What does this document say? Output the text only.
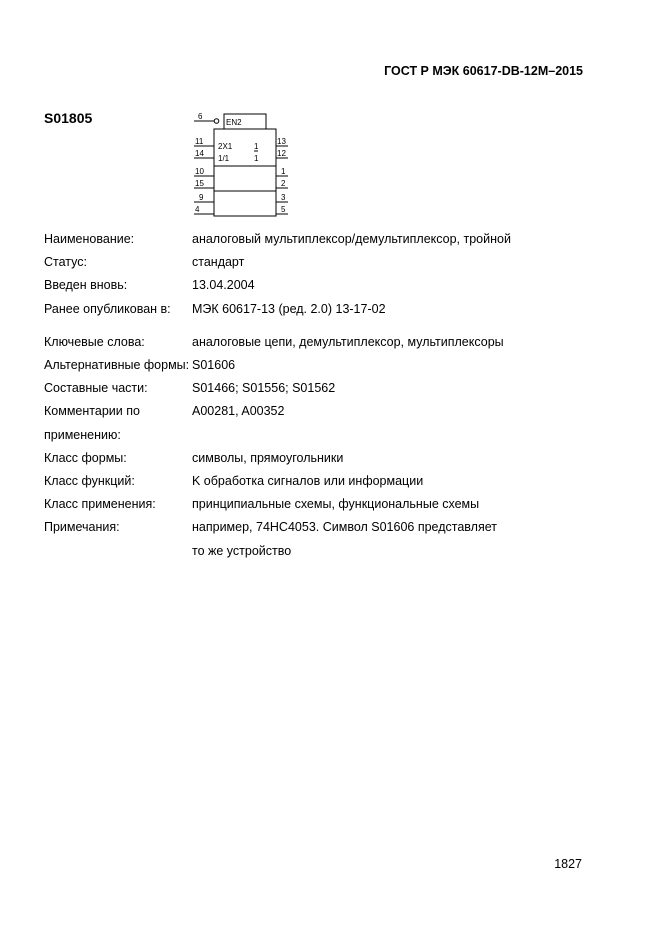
ГОСТ Р МЭК 60617-DB-12M–2015
S01805	EN2
2X1
1/1
1
1
6
11
14
10
15
9
4
13
12
1
2
3
5
Наименование:	аналоговый мультиплексор/демультиплексор, тройной
Статус:	стандарт
Введен вновь:	13.04.2004
Ранее опубликован в:	МЭК 60617-13 (ред. 2.0) 13-17-02
Ключевые слова:	аналоговые цепи, демультиплексор, мультиплексоры
Альтернативные формы: S01606
Составные части:	S01466; S01556; S01562
Комментарии по применению:
A00281, A00352
Класс формы:	символы, прямоугольники
Класс функций:	K обработка сигналов или информации
Класс применения:	принципиальные схемы, функциональные схемы
Примечания:	например, 74HC4053. Символ S01606 представляет
то же устройство
1827
